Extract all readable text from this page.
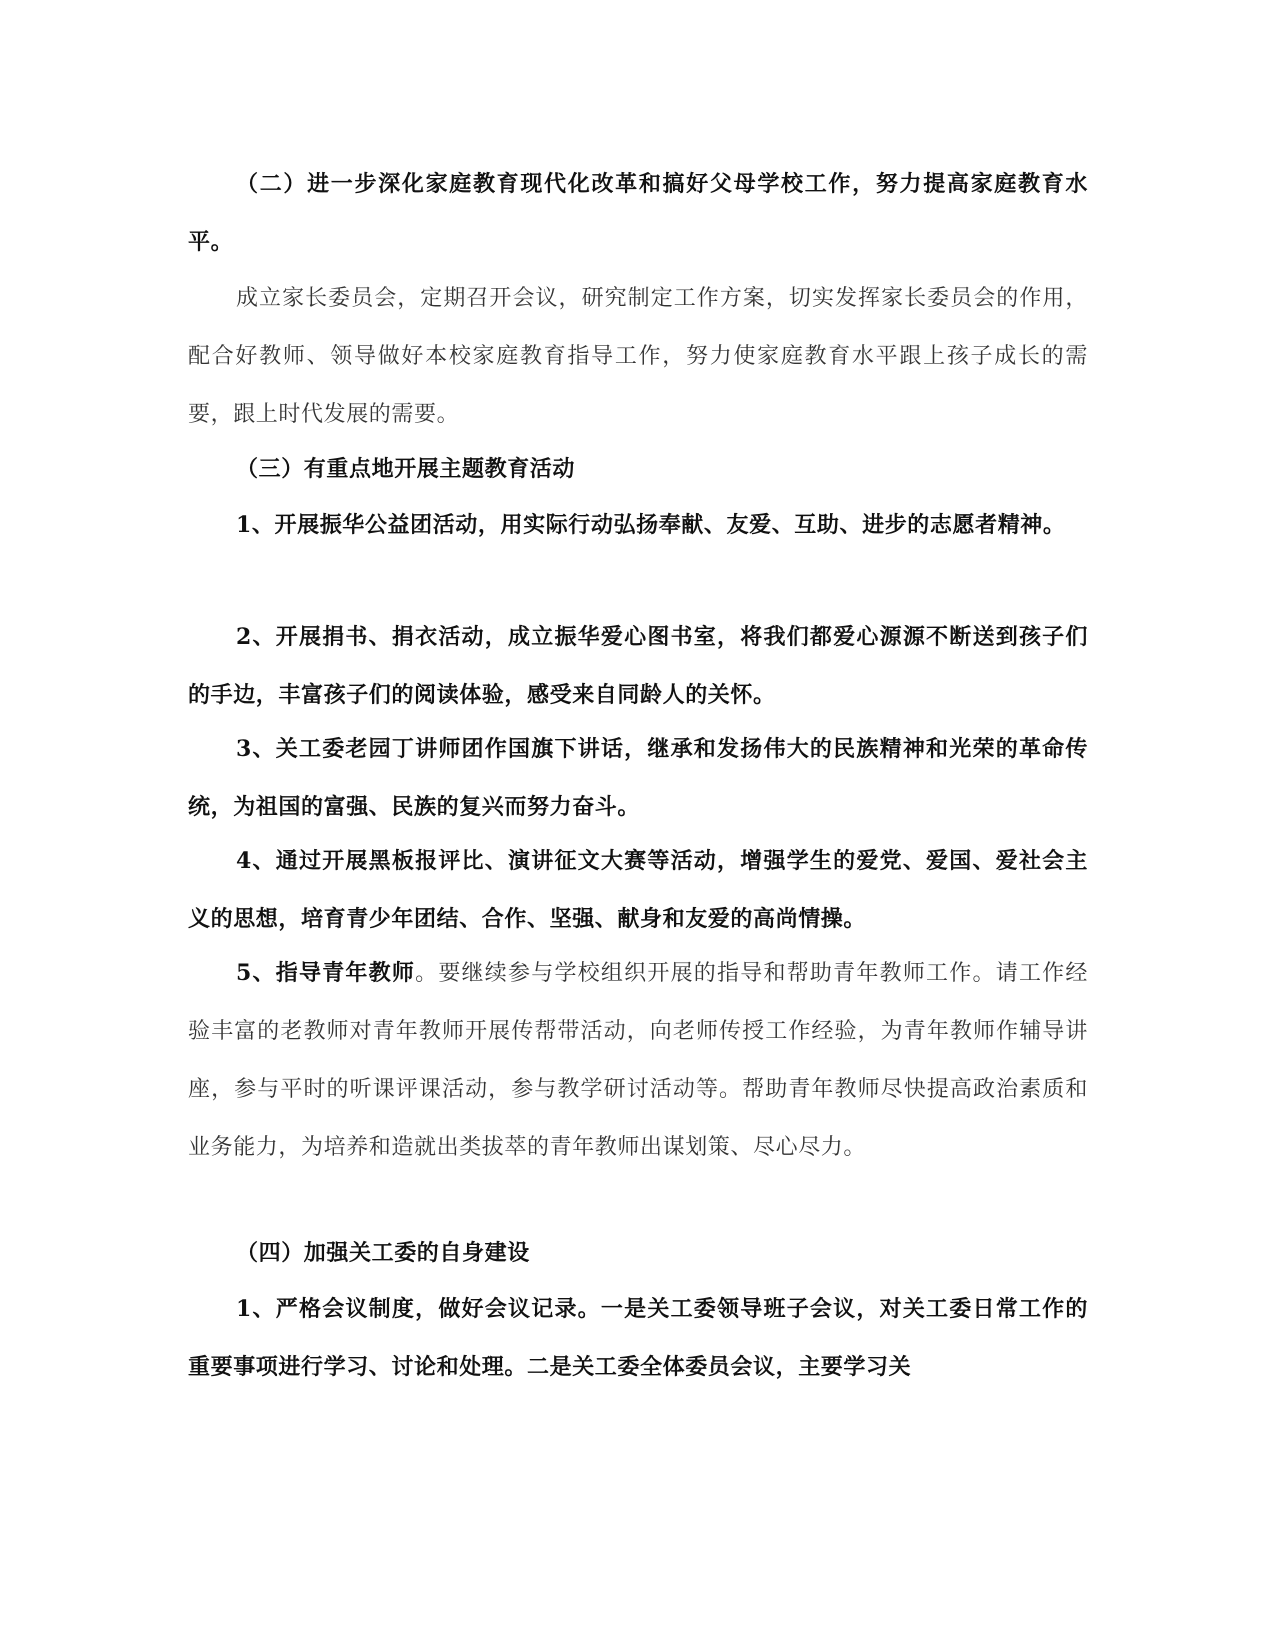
（二）进一步深化家庭教育现代化改革和搞好父母学校工作，努力提高家庭教育水平。

成立家长委员会，定期召开会议，研究制定工作方案，切实发挥家长委员会的作用，配合好教师、领导做好本校家庭教育指导工作，努力使家庭教育水平跟上孩子成长的需要，跟上时代发展的需要。

（三）有重点地开展主题教育活动

1、开展振华公益团活动，用实际行动弘扬奉献、友爱、互助、进步的志愿者精神。

2、开展捐书、捐衣活动，成立振华爱心图书室，将我们都爱心源源不断送到孩子们的手边，丰富孩子们的阅读体验，感受来自同龄人的关怀。

3、关工委老园丁讲师团作国旗下讲话，继承和发扬伟大的民族精神和光荣的革命传统，为祖国的富强、民族的复兴而努力奋斗。

4、通过开展黑板报评比、演讲征文大赛等活动，增强学生的爱党、爱国、爱社会主义的思想，培育青少年团结、合作、坚强、献身和友爱的高尚情操。

5、指导青年教师。要继续参与学校组织开展的指导和帮助青年教师工作。请工作经验丰富的老教师对青年教师开展传帮带活动，向老师传授工作经验，为青年教师作辅导讲座，参与平时的听课评课活动，参与教学研讨活动等。帮助青年教师尽快提高政治素质和业务能力，为培养和造就出类拔萃的青年教师出谋划策、尽心尽力。

（四）加强关工委的自身建设

1、严格会议制度，做好会议记录。一是关工委领导班子会议，对关工委日常工作的重要事项进行学习、讨论和处理。二是关工委全体委员会议，主要学习关
